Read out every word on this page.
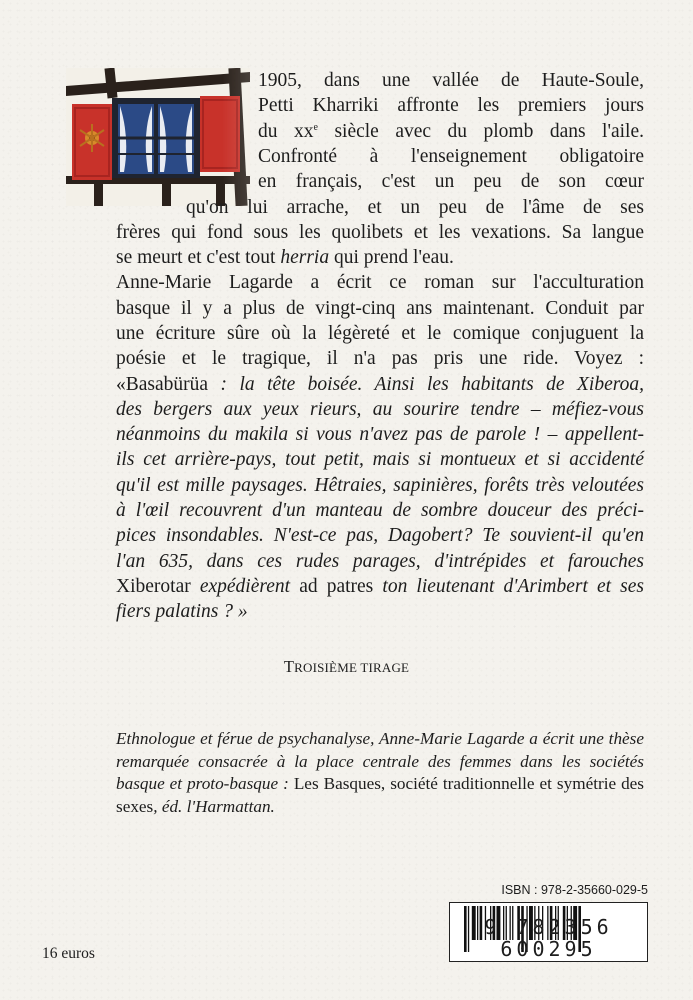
1905, dans une vallée de Haute-Soule,
Petti Kharriki affronte les premiers jours
du $xx^e$ siècle avec du plomb dans l'aile.
Confronté à l'enseignement obligatoire
en français, c'est un peu de son cœur
qu'on lui arrache, et un peu de l'âme de ses
frères qui fond sous les quolibets et les vexations. Sa langue
se meurt et c'est tout herria qui prend l'eau.
Anne-Marie Lagarde a écrit ce roman sur l'acculturation
basque il y a plus de vingt-cinq ans maintenant. Conduit par
une écriture sûre où la légèreté et le comique conjuguent la
poésie et le tragique, il n'a pas pris une ride. Voyez :
«Basabürüa : la tête boisée. Ainsi les habitants de Xiberoa,
des bergers aux yeux rieurs, au sourire tendre – méfiez-vous
néanmoins du makila si vous n'avez pas de parole ! – appellent-
ils cet arrière-pays, tout petit, mais si montueux et si accidenté
qu'il est mille paysages. Hêtraies, sapinières, forêts très veloutées
à l'œil recouvrent d'un manteau de sombre douceur des préci-
pices insondables. N'est-ce pas, Dagobert? Te souvient-il qu'en
l'an 635, dans ces rudes parages, d'intrépides et farouches
Xiberotar expédièrent ad patres ton lieutenant d'Arimbert et ses
fiers palatins ? »
TROISIÈME TIRAGE

Ethnologue et férue de psychanalyse, Anne-Marie Lagarde a écrit une thèse remarquée consacrée à la place centrale des femmes dans les sociétés basque et proto-basque : Les Basques, société traditionnelle et symétrie des sexes, éd. l'Harmattan.

ISBN : 978-2-35660-029-5
9 782356 600295
16 euros
